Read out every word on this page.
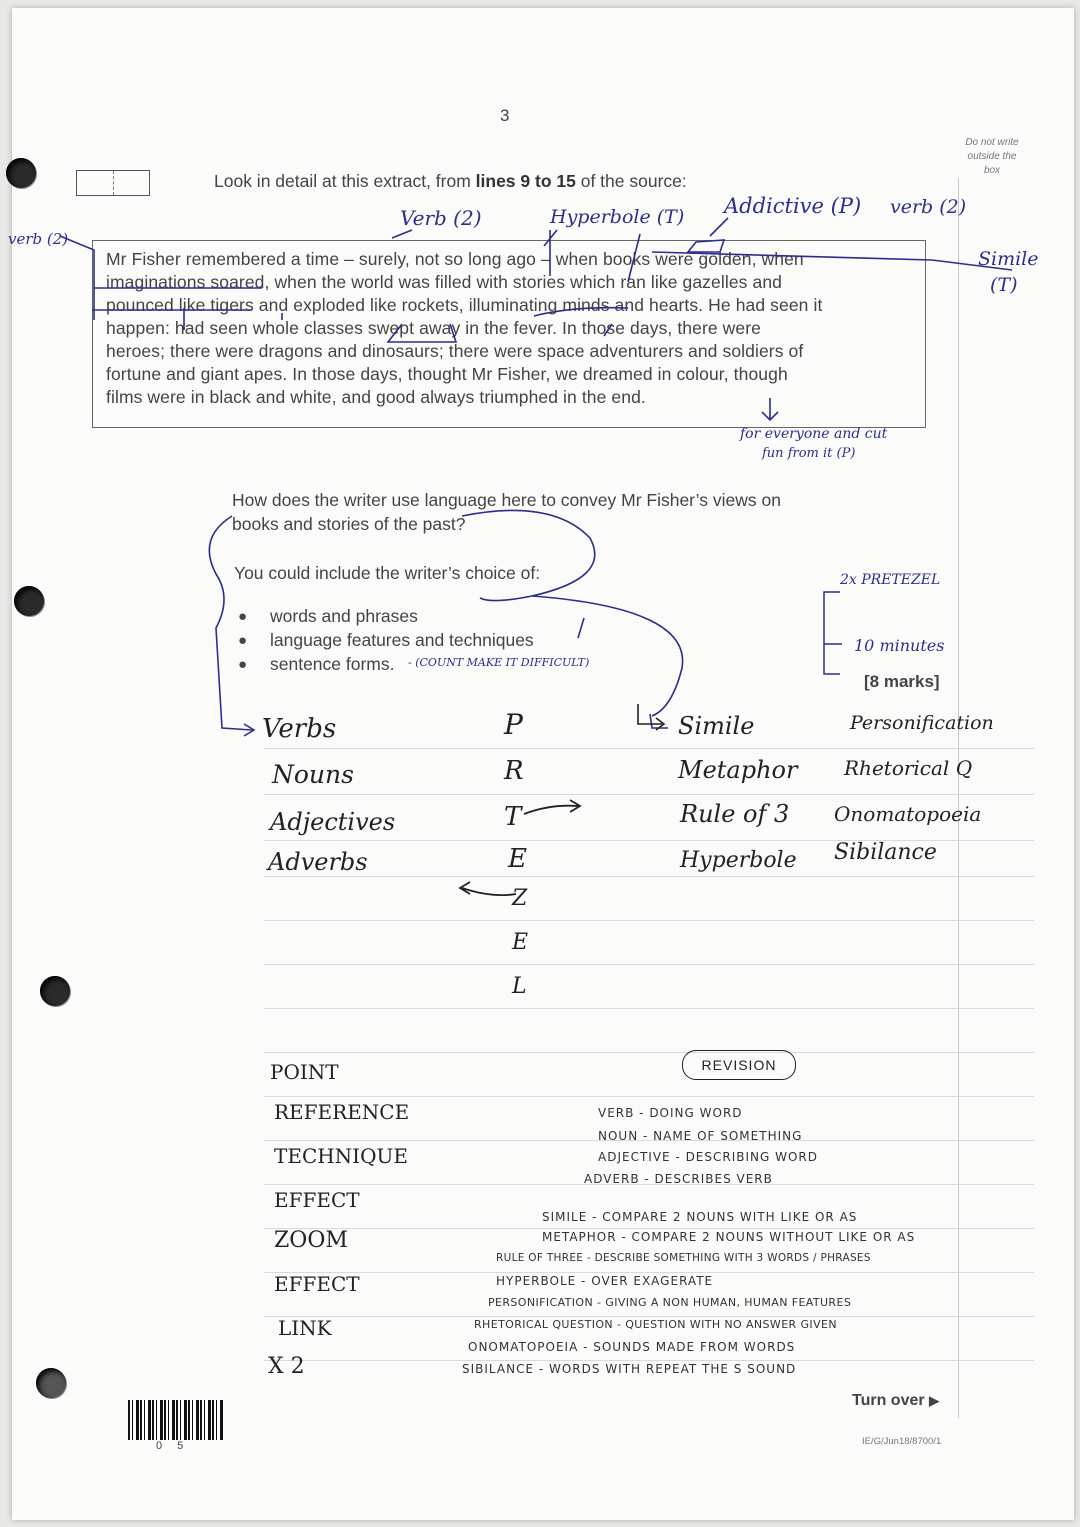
3
Do not write outside the box
Look in detail at this extract, from lines 9 to 15 of the source:
Verb (2)	Hyperbole (T) Addictive (P) verb (2)
verb (2)
Simile
(T)
Mr Fisher remembered a time – surely, not so long ago – when books were golden, when
imaginations soared, when the world was filled with stories which ran like gazelles and
pounced like tigers and exploded like rockets, illuminating minds and hearts. He had seen it
happen: had seen whole classes swept away in the fever. In those days, there were
heroes; there were dragons and dinosaurs; there were space adventurers and soldiers of
fortune and giant apes. In those days, thought Mr Fisher, we dreamed in colour, though
films were in black and white, and good always triumphed in the end.
for everyone and cut
fun from it (P)
How does the writer use language here to convey Mr Fisher’s views on
books and stories of the past?
You could include the writer’s choice of:
●
●
●
words and phrases
language features and techniques
sentence forms. - (COUNT MAKE IT DIFFICULT)
2x PRETEZEL
10 minutes
[8 marks]
Verbs
Nouns
Adjectives
Adverbs
P
R
T
E
Z
E
L
Simile
Metaphor
Rule of 3
Hyperbole
Personification
Rhetorical Q
Onomatopoeia
Sibilance
POINT
REFERENCE
TECHNIQUE
EFFECT
ZOOM
EFFECT
LINK
X 2
REVISION
VERB - DOING WORD
NOUN - NAME OF SOMETHING
ADJECTIVE - DESCRIBING WORD
ADVERB - DESCRIBES VERB
SIMILE - COMPARE 2 NOUNS WITH LIKE OR AS
METAPHOR - COMPARE 2 NOUNS WITHOUT LIKE OR AS
RULE OF THREE - DESCRIBE SOMETHING WITH 3 WORDS / PHRASES
HYPERBOLE - OVER EXAGERATE
PERSONIFICATION - GIVING A NON HUMAN, HUMAN FEATURES
RHETORICAL QUESTION - QUESTION WITH NO ANSWER GIVEN
ONOMATOPOEIA - SOUNDS MADE FROM WORDS
SIBILANCE - WORDS WITH REPEAT THE S SOUND
0 5
Turn over ▶
IE/G/Jun18/8700/1
